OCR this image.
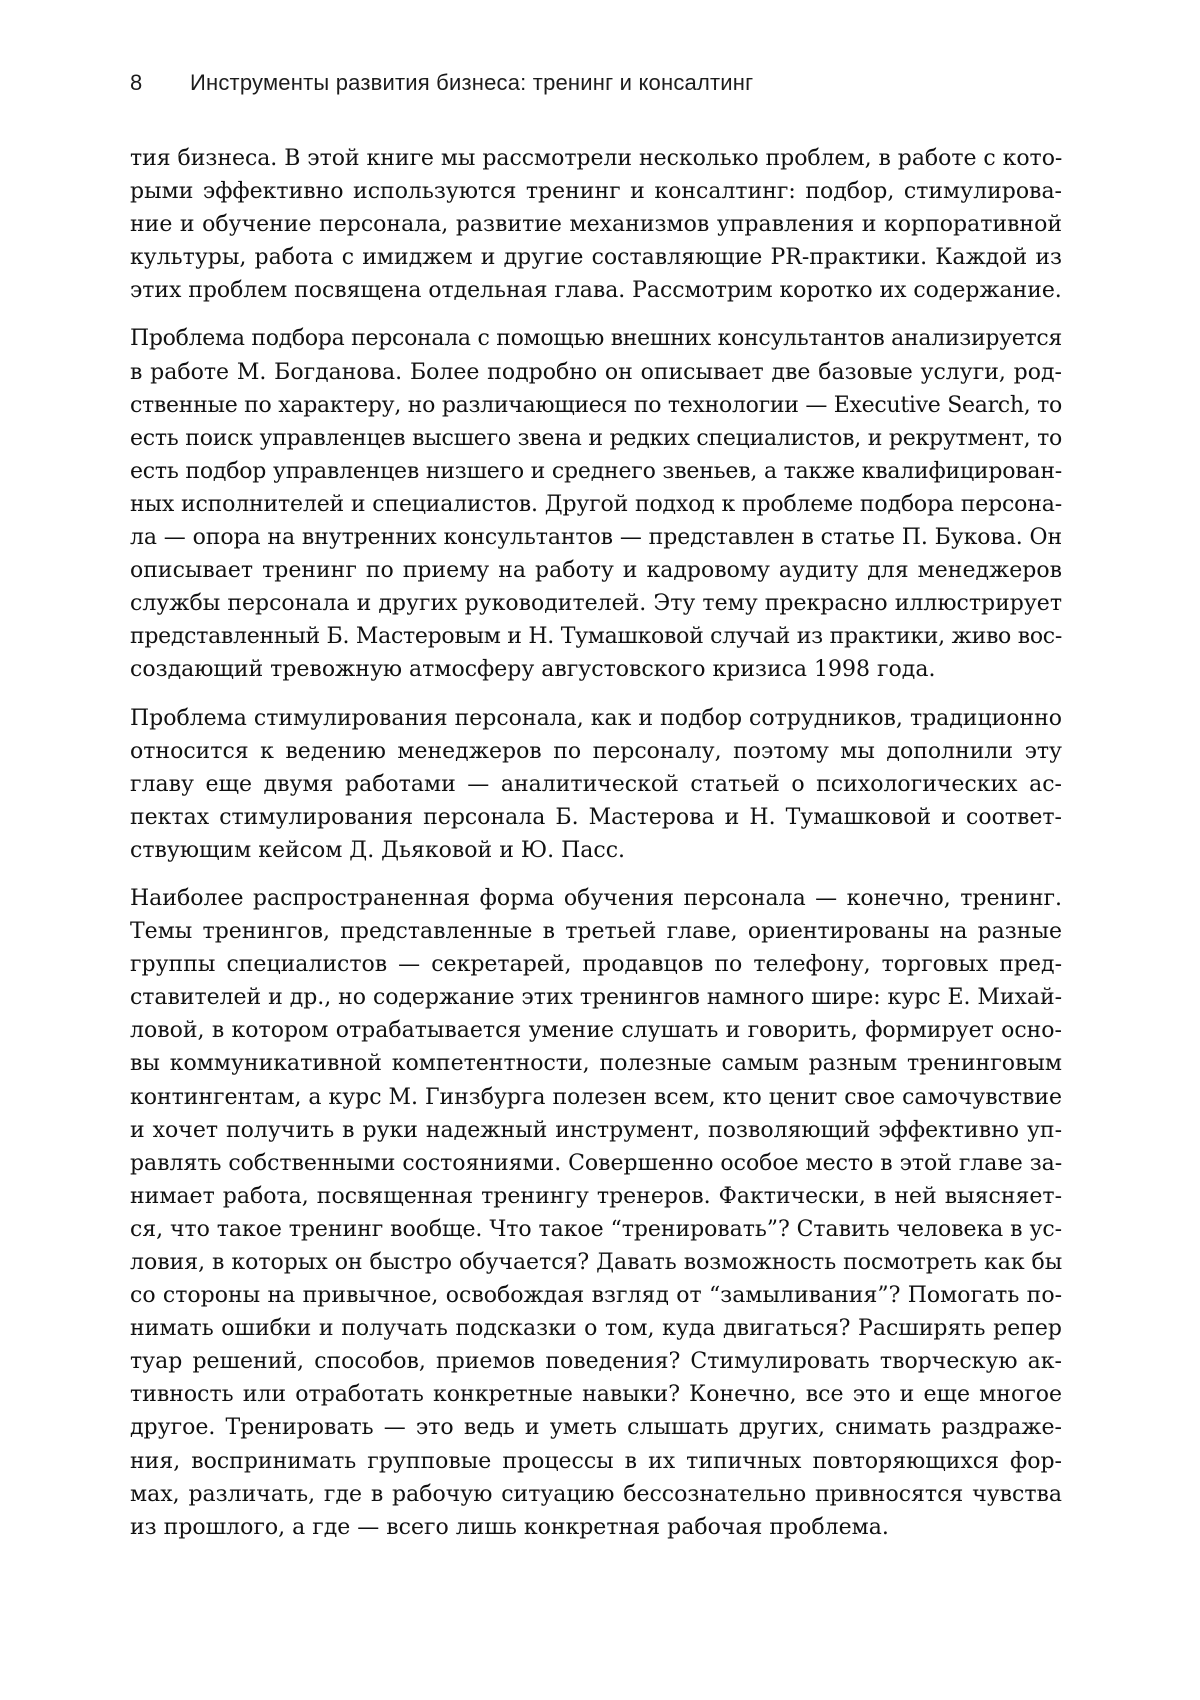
8 Инструменты развития бизнеса: тренинг и консалтинг
тия бизнеса. В этой книге мы рассмотрели несколько проблем, в работе с кото-
рыми эффективно используются тренинг и консалтинг: подбор, стимулирова-
ние и обучение персонала, развитие механизмов управления и корпоративной
культуры, работа с имиджем и другие составляющие PR-практики. Каждой из
этих проблем посвящена отдельная глава. Рассмотрим коротко их содержание.
Проблема подбора персонала с помощью внешних консультантов анализируется
в работе М. Богданова. Более подробно он описывает две базовые услуги, род-
ственные по характеру, но различающиеся по технологии — Executive Search, то
есть поиск управленцев высшего звена и редких специалистов, и рекрутмент, то
есть подбор управленцев низшего и среднего звеньев, а также квалифицирован-
ных исполнителей и специалистов. Другой подход к проблеме подбора персона-
ла — опора на внутренних консультантов — представлен в статье П. Букова. Он
описывает тренинг по приему на работу и кадровому аудиту для менеджеров
службы персонала и других руководителей. Эту тему прекрасно иллюстрирует
представленный Б. Мастеровым и Н. Тумашковой случай из практики, живо вос-
создающий тревожную атмосферу августовского кризиса 1998 года.
Проблема стимулирования персонала, как и подбор сотрудников, традиционно
относится к ведению менеджеров по персоналу, поэтому мы дополнили эту
главу еще двумя работами — аналитической статьей о психологических ас-
пектах стимулирования персонала Б. Мастерова и Н. Тумашковой и соответ-
ствующим кейсом Д. Дьяковой и Ю. Пасс.
Наиболее распространенная форма обучения персонала — конечно, тренинг.
Темы тренингов, представленные в третьей главе, ориентированы на разные
группы специалистов — секретарей, продавцов по телефону, торговых пред-
ставителей и др., но содержание этих тренингов намного шире: курс Е. Михай-
ловой, в котором отрабатывается умение слушать и говорить, формирует осно-
вы коммуникативной компетентности, полезные самым разным тренинговым
контингентам, а курс М. Гинзбурга полезен всем, кто ценит свое самочувствие
и хочет получить в руки надежный инструмент, позволяющий эффективно уп-
равлять собственными состояниями. Совершенно особое место в этой главе за-
нимает работа, посвященная тренингу тренеров. Фактически, в ней выясняет-
ся, что такое тренинг вообще. Что такое “тренировать”? Ставить человека в ус-
ловия, в которых он быстро обучается? Давать возможность посмотреть как бы
со стороны на привычное, освобождая взгляд от “замыливания”? Помогать по-
нимать ошибки и получать подсказки о том, куда двигаться? Расширять репер
туар решений, способов, приемов поведения? Стимулировать творческую ак-
тивность или отработать конкретные навыки? Конечно, все это и еще многое
другое. Тренировать — это ведь и уметь слышать других, снимать раздраже-
ния, воспринимать групповые процессы в их типичных повторяющихся фор-
мах, различать, где в рабочую ситуацию бессознательно привносятся чувства
из прошлого, а где — всего лишь конкретная рабочая проблема.
